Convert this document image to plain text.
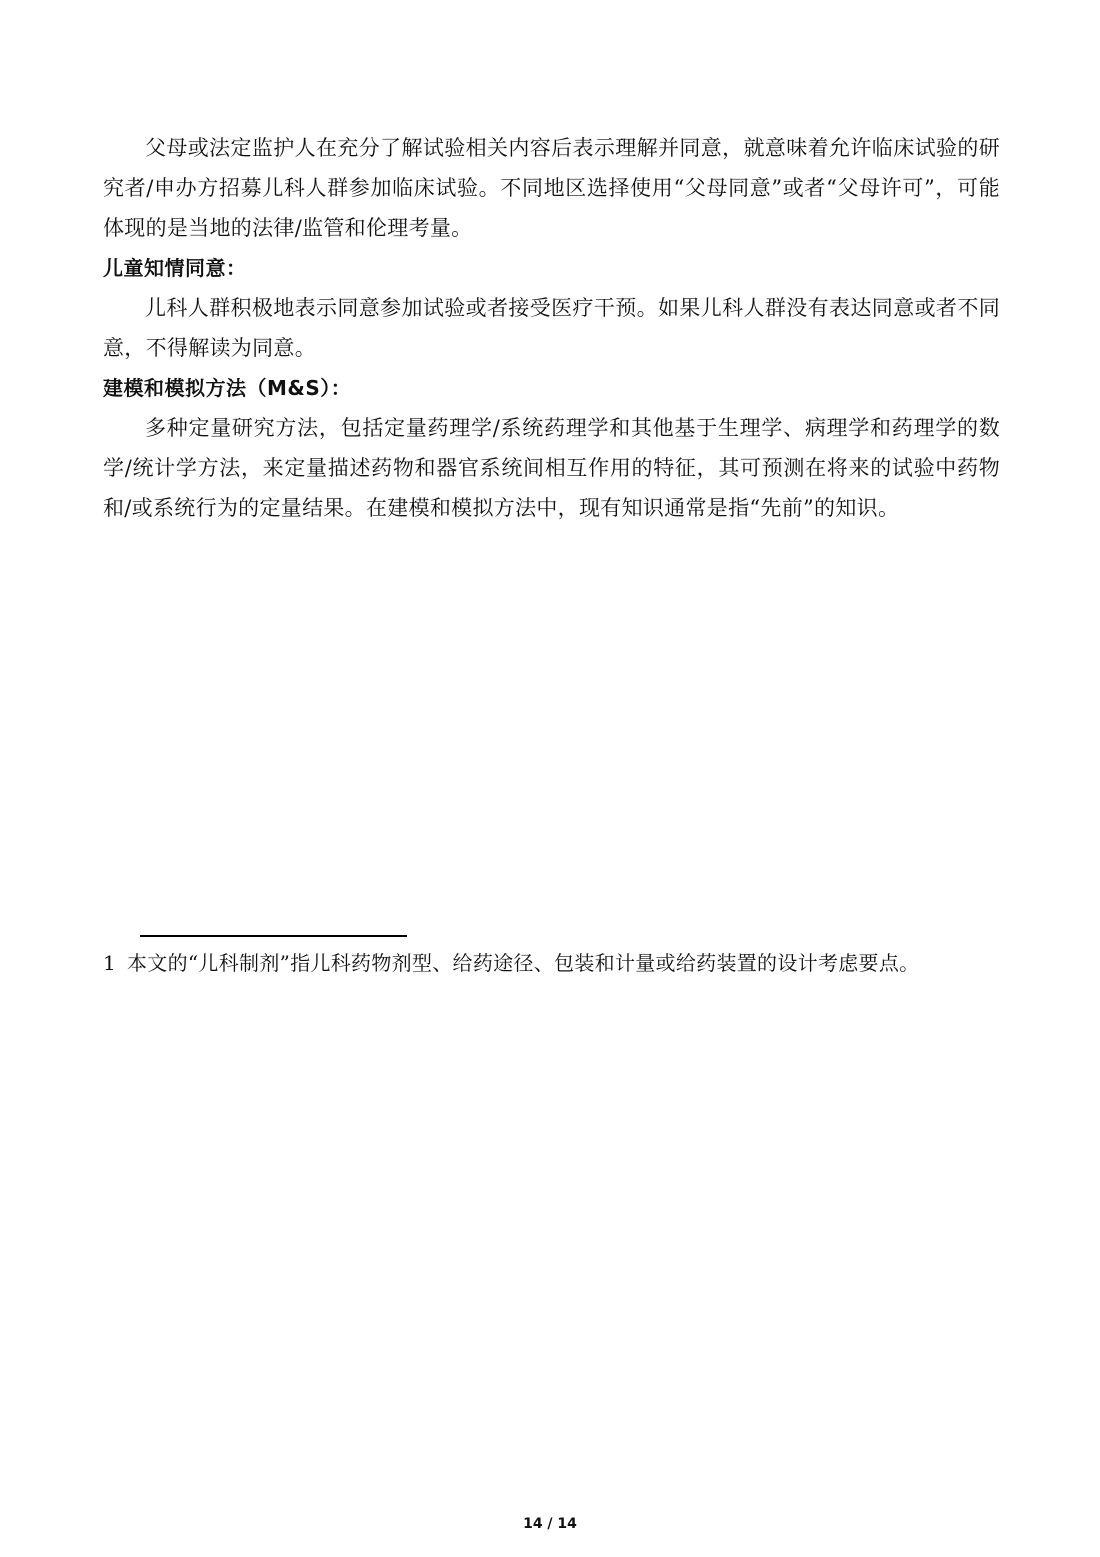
父母或法定监护人在充分了解试验相关内容后表示理解并同意，就意味着允许临床试验的研究者/申办方招募儿科人群参加临床试验。不同地区选择使用“父母同意”或者“父母许可”，可能体现的是当地的法律/监管和伦理考量。

儿童知情同意：

儿科人群积极地表示同意参加试验或者接受医疗干预。如果儿科人群没有表达同意或者不同意，不得解读为同意。

建模和模拟方法（M&S）：

多种定量研究方法，包括定量药理学/系统药理学和其他基于生理学、病理学和药理学的数学/统计学方法，来定量描述药物和器官系统间相互作用的特征，其可预测在将来的试验中药物和/或系统行为的定量结果。在建模和模拟方法中，现有知识通常是指“先前”的知识。

1 本文的“儿科制剂”指儿科药物剂型、给药途径、包装和计量或给药装置的设计考虑要点。
14 / 14
